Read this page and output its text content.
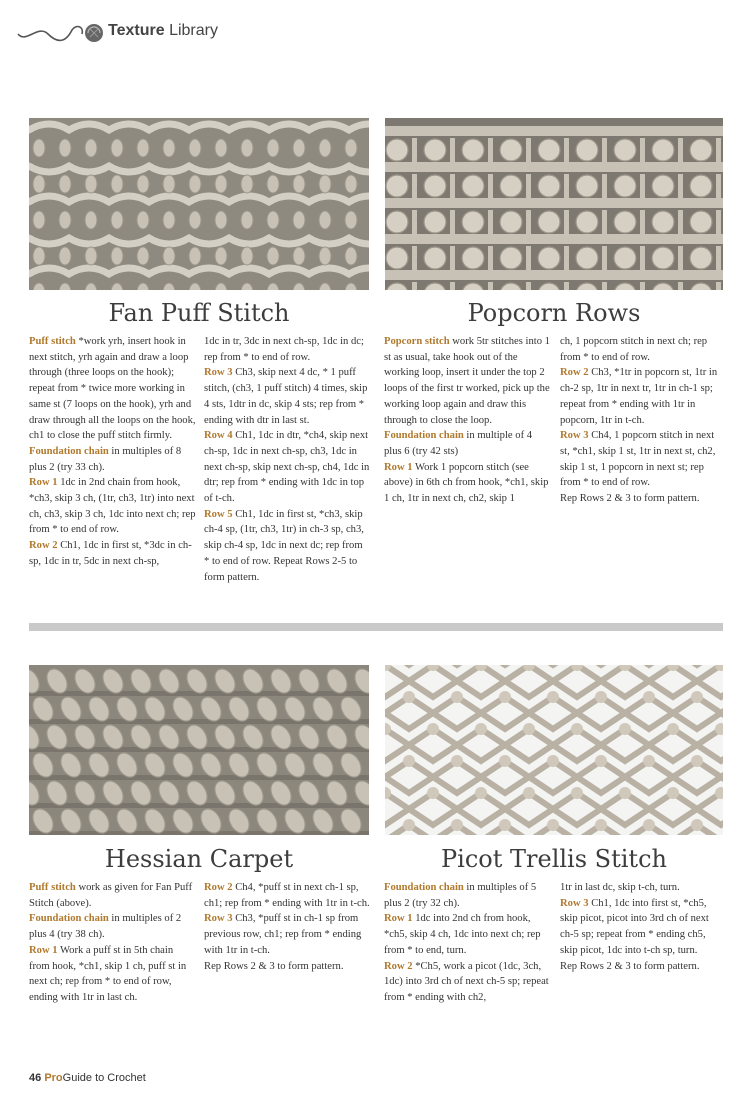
Texture Library
Fan Puff Stitch	Popcorn Rows
Hessian Carpet	Picot Trellis Stitch

Puff stitch *work yrh, insert hook in next stitch, yrh again and draw a loop through (three loops on the hook); repeat from * twice more working in same st (7 loops on the hook), yrh and draw through all the loops on the hook, ch1 to close the puff stitch firmly.

Foundation chain in multiples of 8 plus 2 (try 33 ch).

Row 1 1dc in 2nd chain from hook, *ch3, skip 3 ch, (1tr, ch3, 1tr) into next ch, ch3, skip 3 ch, 1dc into next ch; rep from * to end of row.

Row 2 Ch1, 1dc in first st, *3dc in ch-sp, 1dc in tr, 5dc in next ch-sp,

1dc in tr, 3dc in next ch-sp, 1dc in dc; rep from * to end of row.

Row 3 Ch3, skip next 4 dc, * 1 puff stitch, (ch3, 1 puff stitch) 4 times, skip 4 sts, 1dtr in dc, skip 4 sts; rep from * ending with dtr in last st.

Row 4 Ch1, 1dc in dtr, *ch4, skip next ch-sp, 1dc in next ch-sp, ch3, 1dc in next ch-sp, skip next ch-sp, ch4, 1dc in dtr; rep from * ending with 1dc in top of t-ch.

Row 5 Ch1, 1dc in first st, *ch3, skip ch-4 sp, (1tr, ch3, 1tr) in ch-3 sp, ch3, skip ch-4 sp, 1dc in next dc; rep from * to end of row. Repeat Rows 2-5 to form pattern.

Popcorn stitch work 5tr stitches into 1 st as usual, take hook out of the working loop, insert it under the top 2 loops of the first tr worked, pick up the working loop again and draw this through to close the loop.

Foundation chain in multiple of 4 plus 6 (try 42 sts)

Row 1 Work 1 popcorn stitch (see above) in 6th ch from hook, *ch1, skip 1 ch, 1tr in next ch, ch2, skip 1

ch, 1 popcorn stitch in next ch; rep from * to end of row.

Row 2 Ch3, *1tr in popcorn st, 1tr in ch-2 sp, 1tr in next tr, 1tr in ch-1 sp; repeat from * ending with 1tr in popcorn, 1tr in t-ch.

Row 3 Ch4, 1 popcorn stitch in next st, *ch1, skip 1 st, 1tr in next st, ch2, skip 1 st, 1 popcorn in next st; rep from * to end of row.

Rep Rows 2 & 3 to form pattern.

Puff stitch work as given for Fan Puff Stitch (above).

Foundation chain in multiples of 2 plus 4 (try 38 ch).

Row 1 Work a puff st in 5th chain from hook, *ch1, skip 1 ch, puff st in next ch; rep from * to end of row, ending with 1tr in last ch.

Row 2 Ch4, *puff st in next ch-1 sp, ch1; rep from * ending with 1tr in t-ch.

Row 3 Ch3, *puff st in ch-1 sp from previous row, ch1; rep from * ending with 1tr in t-ch.

Rep Rows 2 & 3 to form pattern.

Foundation chain in multiples of 5 plus 2 (try 32 ch).

Row 1 1dc into 2nd ch from hook, *ch5, skip 4 ch, 1dc into next ch; rep from * to end, turn.

Row 2 *Ch5, work a picot (1dc, 3ch, 1dc) into 3rd ch of next ch-5 sp; repeat from * ending with ch2,

1tr in last dc, skip t-ch, turn.

Row 3 Ch1, 1dc into first st, *ch5, skip picot, picot into 3rd ch of next ch-5 sp; repeat from * ending ch5, skip picot, 1dc into t-ch sp, turn.

Rep Rows 2 & 3 to form pattern.

46 ProGuide to Crochet
